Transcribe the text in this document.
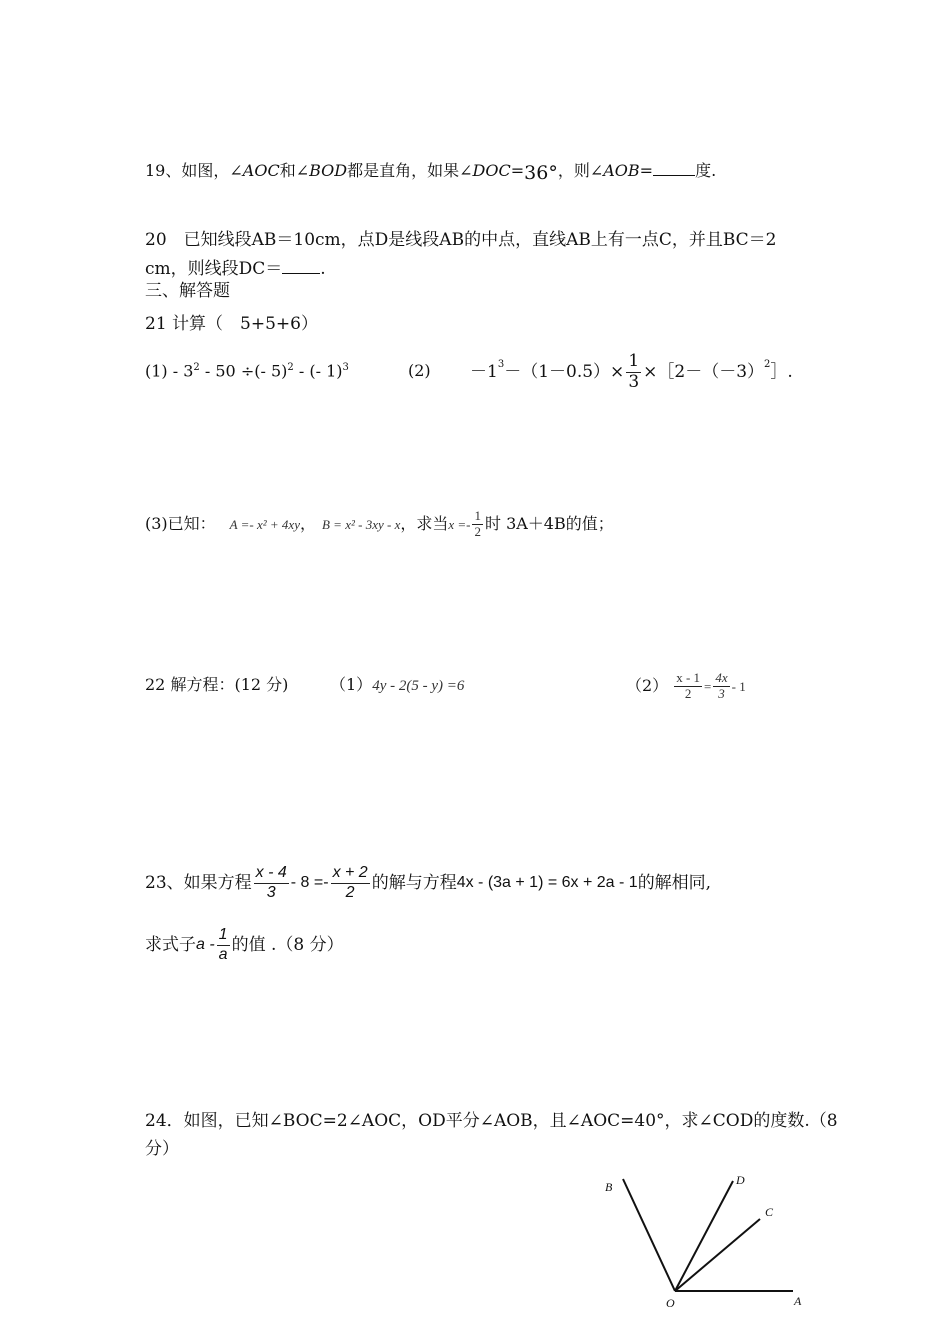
19、如图，∠AOC和∠BOD都是直角，如果∠DOC=36°，则∠AOB=	度.
20　已知线段AB＝10cm，点D是线段AB的中点，直线AB上有一点C，并且BC＝2
cm，则线段DC＝ .
三、解答题
21 计算（　5+5+6）
$(1) - 3^2 - 50$ ÷(- 5)$^2$ - (- 1)$^3$	$(2) -1^3 -(1-0.5)\times \frac{1}{3}$ $\times[2-(-3)^2$ ］.
(3)已知： A =- x² + 4xy ， B = x² - 3xy - x ，求当 $x =- \frac{1}{2}$ 时 3A＋4B的值；
22 解方程：(12 分)	（1）4y - 2(5 - y) =6	$(2) \frac{x - 1}{2} = \frac{4x}{3} - 1$
23、如果方程 $\frac{x - 4}{3} - 8 =- \frac{x + 2}{2}$ 的解与方程 4x - (3a + 1) = 6x + 2a - 1 的解相同,
求式子 a - $\frac{1}{a}$ 的值 .（8 分）
24．如图，已知∠BOC=2∠AOC，OD平分∠AOB，且∠AOC=40°，求∠COD的度数.（8
分）
B	D
C
O	A
